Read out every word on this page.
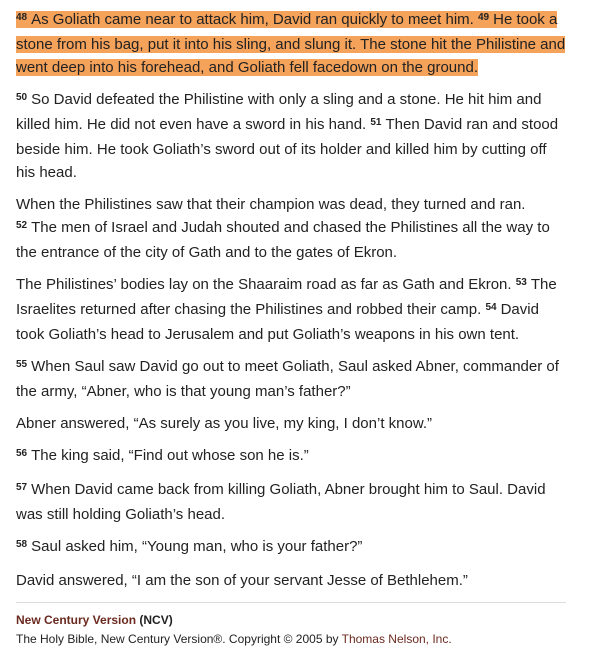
$^{48}$ As Goliath came near to attack him, David ran quickly to meet him. $^{49}$ He took a stone from his bag, put it into his sling, and slung it. The stone hit the Philistine and went deep into his forehead, and Goliath fell facedown on the ground.

$^{50}$ So David defeated the Philistine with only a sling and a stone. He hit him and killed him. He did not even have a sword in his hand. $^{51}$ Then David ran and stood beside him. He took Goliath’s sword out of its holder and killed him by cutting off his head.

When the Philistines saw that their champion was dead, they turned and ran. $^{52}$ The men of Israel and Judah shouted and chased the Philistines all the way to the entrance of the city of Gath and to the gates of Ekron.

The Philistines’ bodies lay on the Shaaraim road as far as Gath and Ekron. $^{53}$ The Israelites returned after chasing the Philistines and robbed their camp. $^{54}$ David took Goliath’s head to Jerusalem and put Goliath’s weapons in his own tent.

$^{55}$ When Saul saw David go out to meet Goliath, Saul asked Abner, commander of the army, “Abner, who is that young man’s father?”

Abner answered, “As surely as you live, my king, I don’t know.”

$^{56}$ The king said, “Find out whose son he is.”

$^{57}$ When David came back from killing Goliath, Abner brought him to Saul. David was still holding Goliath’s head.

$^{58}$ Saul asked him, “Young man, who is your father?”

David answered, “I am the son of your servant Jesse of Bethlehem.”

New Century Version (NCV)
The Holy Bible, New Century Version®. Copyright © 2005 by Thomas Nelson, Inc.
